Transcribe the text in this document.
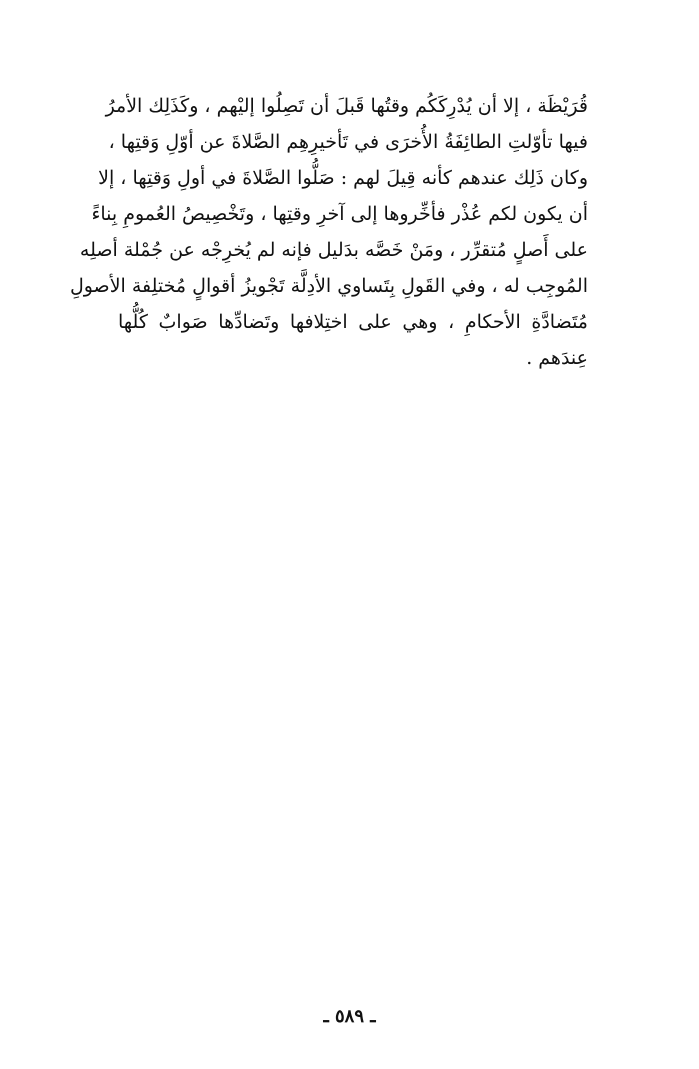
قُرَيْظَة ، إلا أن يُدْرِكَكُم وقتُها قَبلَ أن تَصِلُوا إليْهم ، وكَذَلِك الأمرُ
فيها تأوّلتِ الطائِفَةُ الأُخرَى في تَأخيرِهِم الصَّلاةَ عن أوّلِ وَقتِها ،
وكان ذَلِك عندهم كأنه قِيلَ لهم : صَلُّوا الصَّلاةَ في أولِ وَقتِها ، إلا
أن يكون لكم عُذْر فأخِّروها إلى آخرِ وقتِها ، وتَخْصِيصُ العُمومِ بِناءً
على أَصلٍ مُتقرِّر ، ومَنْ خَصَّه بدَليل فإنه لم يُخرِجْه عن جُمْلة أصلِه
المُوجِب له ، وفي القَولِ بِتَساوي الأدِلَّة تَجْويزُ أقوالٍ مُختلِفة الأصولِ
مُتَضادَّةِ الأحكامِ ، وهي على اختِلافها وتَضادِّها صَوابٌ كُلُّها
عِندَهم .
ـ ٥٨٩ ـ
